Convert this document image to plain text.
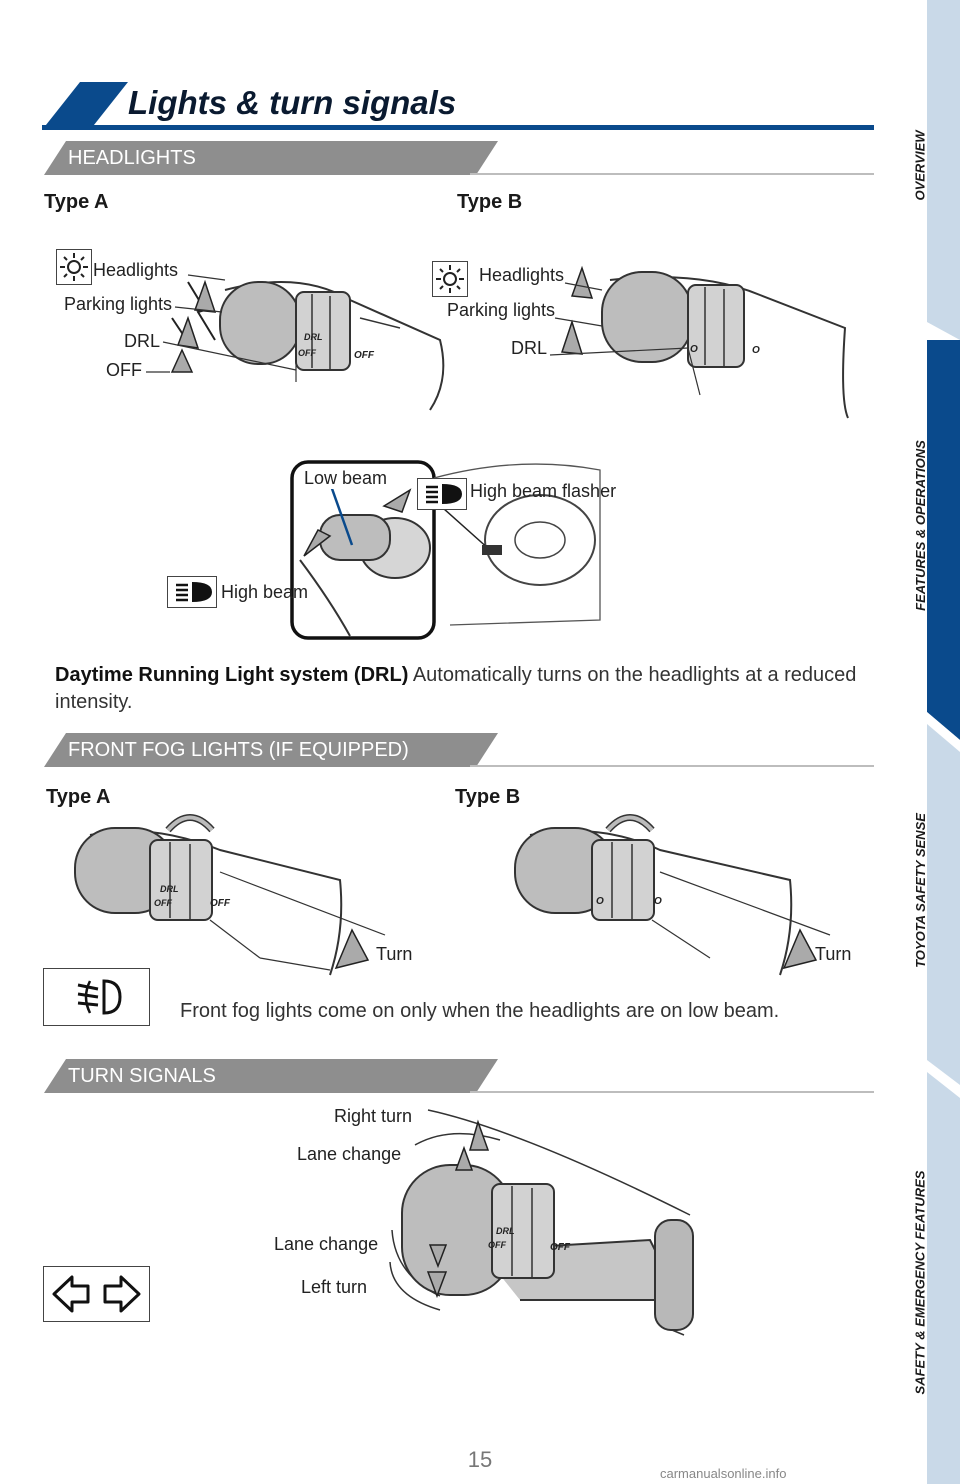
OVERVIEW
FEATURES & OPERATIONS
TOYOTA SAFETY SENSE
SAFETY & EMERGENCY FEATURES
Lights & turn signals
HEADLIGHTS
Type A	Type B
Headlights
Parking lights
DRL
OFF
DRL
OFF	OFF
Headlights
Parking lights
DRL	O	O
Low beam
High beam flasher
High beam
Daytime Running Light system (DRL) Automatically turns on the headlights at a reduced intensity.
FRONT FOG LIGHTS (IF EQUIPPED)
Type A	Type B
DRL
OFF	OFF
Turn
O	O
Turn
Front fog lights come on only when the headlights are on low beam.
TURN SIGNALS
Right turn
Lane change
Lane change
Left turn
DRL
OFF	OFF
15
carmanualsonline.info
